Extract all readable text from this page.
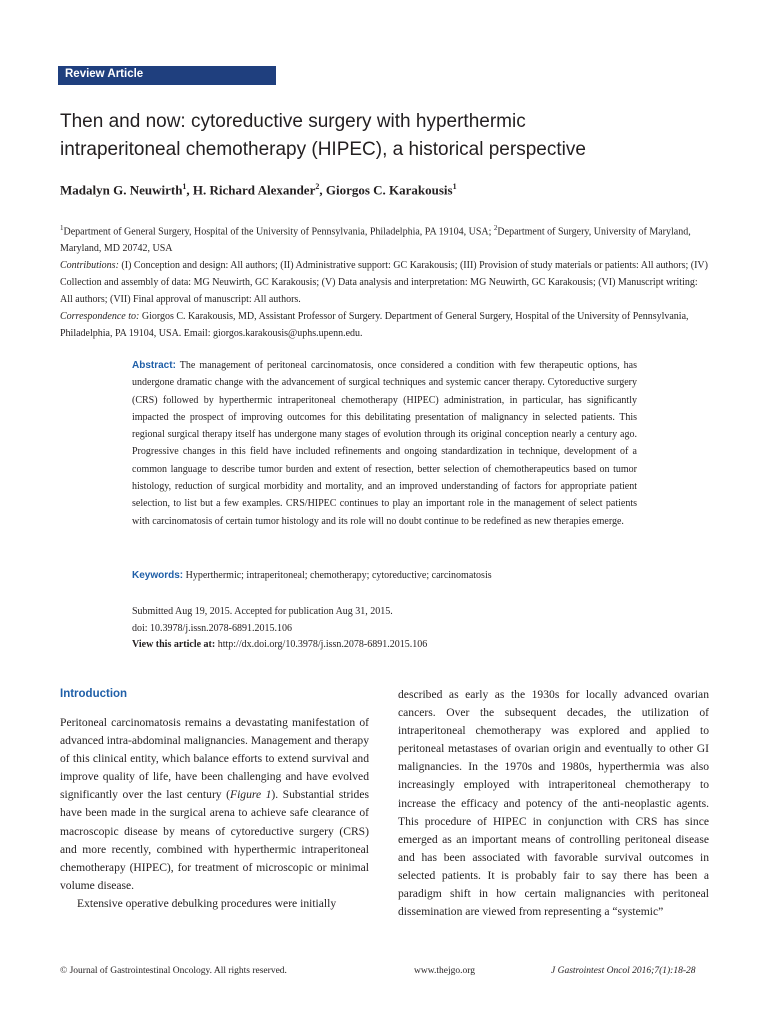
Review Article
Then and now: cytoreductive surgery with hyperthermic
intraperitoneal chemotherapy (HIPEC), a historical perspective
Madalyn G. Neuwirth$^1$, H. Richard Alexander$^2$, Giorgos C. Karakousis$^1$
$^1$Department of General Surgery, Hospital of the University of Pennsylvania, Philadelphia, PA 19104, USA; $^2$Department of Surgery, University of Maryland, Maryland, MD 20742, USA
Contributions: (I) Conception and design: All authors; (II) Administrative support: GC Karakousis; (III) Provision of study materials or patients: All authors; (IV) Collection and assembly of data: MG Neuwirth, GC Karakousis; (V) Data analysis and interpretation: MG Neuwirth, GC Karakousis; (VI) Manuscript writing: All authors; (VII) Final approval of manuscript: All authors.
Correspondence to: Giorgos C. Karakousis, MD, Assistant Professor of Surgery. Department of General Surgery, Hospital of the University of Pennsylvania, Philadelphia, PA 19104, USA. Email: giorgos.karakousis@uphs.upenn.edu.
Abstract: The management of peritoneal carcinomatosis, once considered a condition with few therapeutic options, has undergone dramatic change with the advancement of surgical techniques and systemic cancer therapy. Cytoreductive surgery (CRS) followed by hyperthermic intraperitoneal chemotherapy (HIPEC) administration, in particular, has significantly impacted the prospect of improving outcomes for this debilitating presentation of malignancy in selected patients. This regional surgical therapy itself has undergone many stages of evolution through its original conception nearly a century ago. Progressive changes in this field have included refinements and ongoing standardization in technique, development of a common language to describe tumor burden and extent of resection, better selection of chemotherapeutics based on tumor histology, reduction of surgical morbidity and mortality, and an improved understanding of factors for appropriate patient selection, to list but a few examples. CRS/HIPEC continues to play an important role in the management of select patients with carcinomatosis of certain tumor histology and its role will no doubt continue to be redefined as new therapies emerge.
Keywords: Hyperthermic; intraperitoneal; chemotherapy; cytoreductive; carcinomatosis
Submitted Aug 19, 2015. Accepted for publication Aug 31, 2015.
doi: 10.3978/j.issn.2078-6891.2015.106
View this article at: http://dx.doi.org/10.3978/j.issn.2078-6891.2015.106
Introduction

Peritoneal carcinomatosis remains a devastating manifestation of advanced intra-abdominal malignancies. Management and therapy of this clinical entity, which balance efforts to extend survival and improve quality of life, have been challenging and have evolved significantly over the last century (Figure 1). Substantial strides have been made in the surgical arena to achieve safe clearance of macroscopic disease by means of cytoreductive surgery (CRS) and more recently, combined with hyperthermic intraperitoneal chemotherapy (HIPEC), for treatment of microscopic or minimal volume disease.

Extensive operative debulking procedures were initially

described as early as the 1930s for locally advanced ovarian cancers. Over the subsequent decades, the utilization of intraperitoneal chemotherapy was explored and applied to peritoneal metastases of ovarian origin and eventually to other GI malignancies. In the 1970s and 1980s, hyperthermia was also increasingly employed with intraperitoneal chemotherapy to increase the efficacy and potency of the anti-neoplastic agents. This procedure of HIPEC in conjunction with CRS has since emerged as an important means of controlling peritoneal disease and has been associated with favorable survival outcomes in selected patients. It is probably fair to say there has been a paradigm shift in how certain malignancies with peritoneal dissemination are viewed from representing a “systemic”

© Journal of Gastrointestinal Oncology. All rights reserved.	www.thejgo.org	J Gastrointest Oncol 2016;7(1):18-28
